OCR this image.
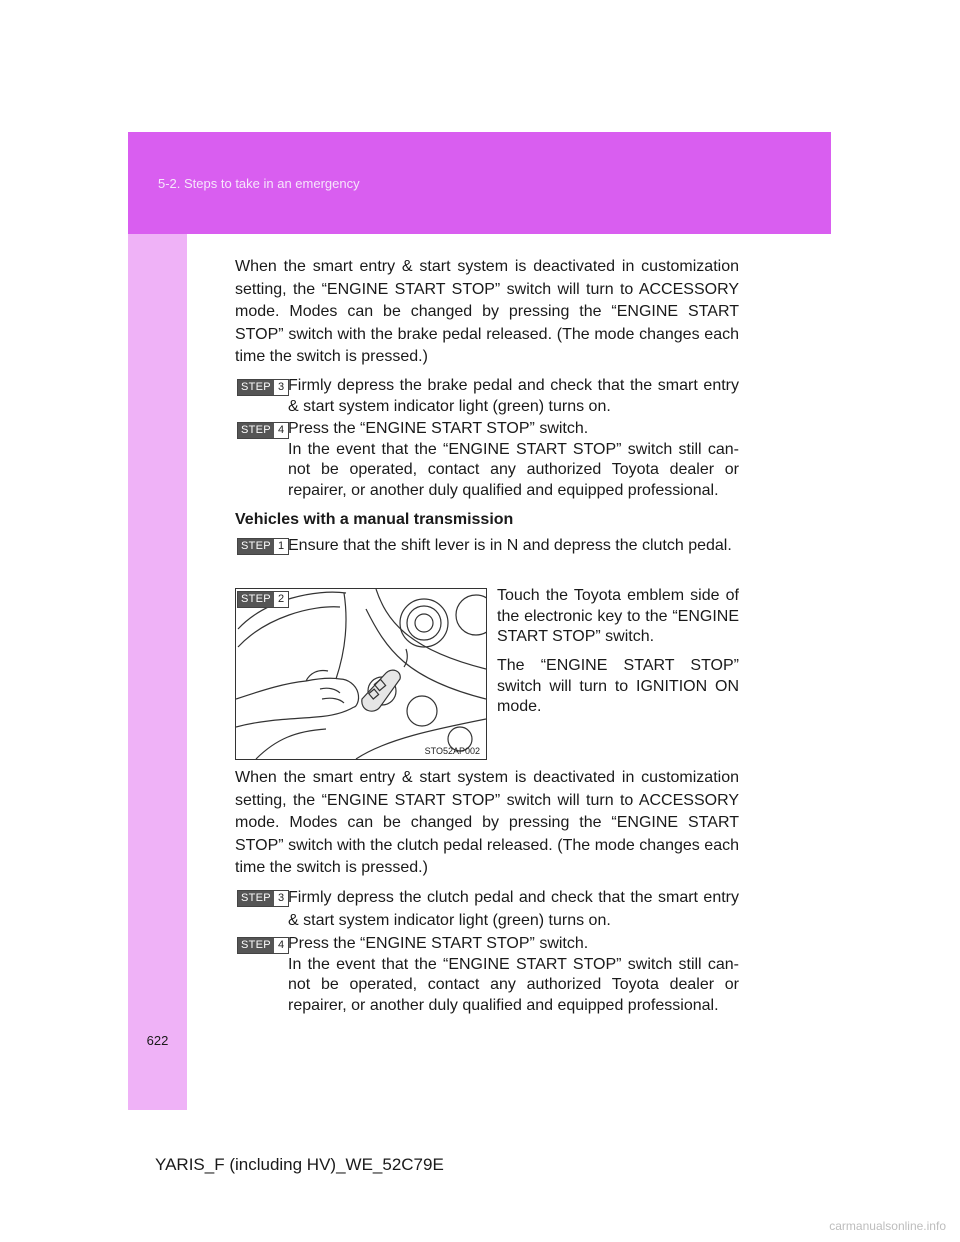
5-2. Steps to take in an emergency
622

When the smart entry & start system is deactivated in customization setting, the “ENGINE START STOP” switch will turn to ACCESSORY mode. Modes can be changed by pressing the “ENGINE START STOP” switch with the brake pedal released. (The mode changes each time the switch is pressed.)

STEP 3 Firmly depress the brake pedal and check that the smart entry & start system indicator light (green) turns on.

STEP 4 Press the “ENGINE START STOP” switch.

In the event that the “ENGINE START STOP” switch still can- not be operated, contact any authorized Toyota dealer or repairer, or another duly qualified and equipped professional.

Vehicles with a manual transmission
STEP 1 Ensure that the shift lever is in N and depress the clutch pedal.

STO52AP002
STEP 2	Touch the Toyota emblem side of the electronic key to the “ENGINE START STOP” switch.

The “ENGINE START STOP” switch will turn to IGNITION ON mode.

When the smart entry & start system is deactivated in customization setting, the “ENGINE START STOP” switch will turn to ACCESSORY mode. Modes can be changed by pressing the “ENGINE START STOP” switch with the clutch pedal released. (The mode changes each time the switch is pressed.)

STEP 3 Firmly depress the clutch pedal and check that the smart entry & start system indicator light (green) turns on.

STEP 4 Press the “ENGINE START STOP” switch.

In the event that the “ENGINE START STOP” switch still can- not be operated, contact any authorized Toyota dealer or repairer, or another duly qualified and equipped professional.

YARIS_F (including HV)_WE_52C79E
carmanualsonline.info
